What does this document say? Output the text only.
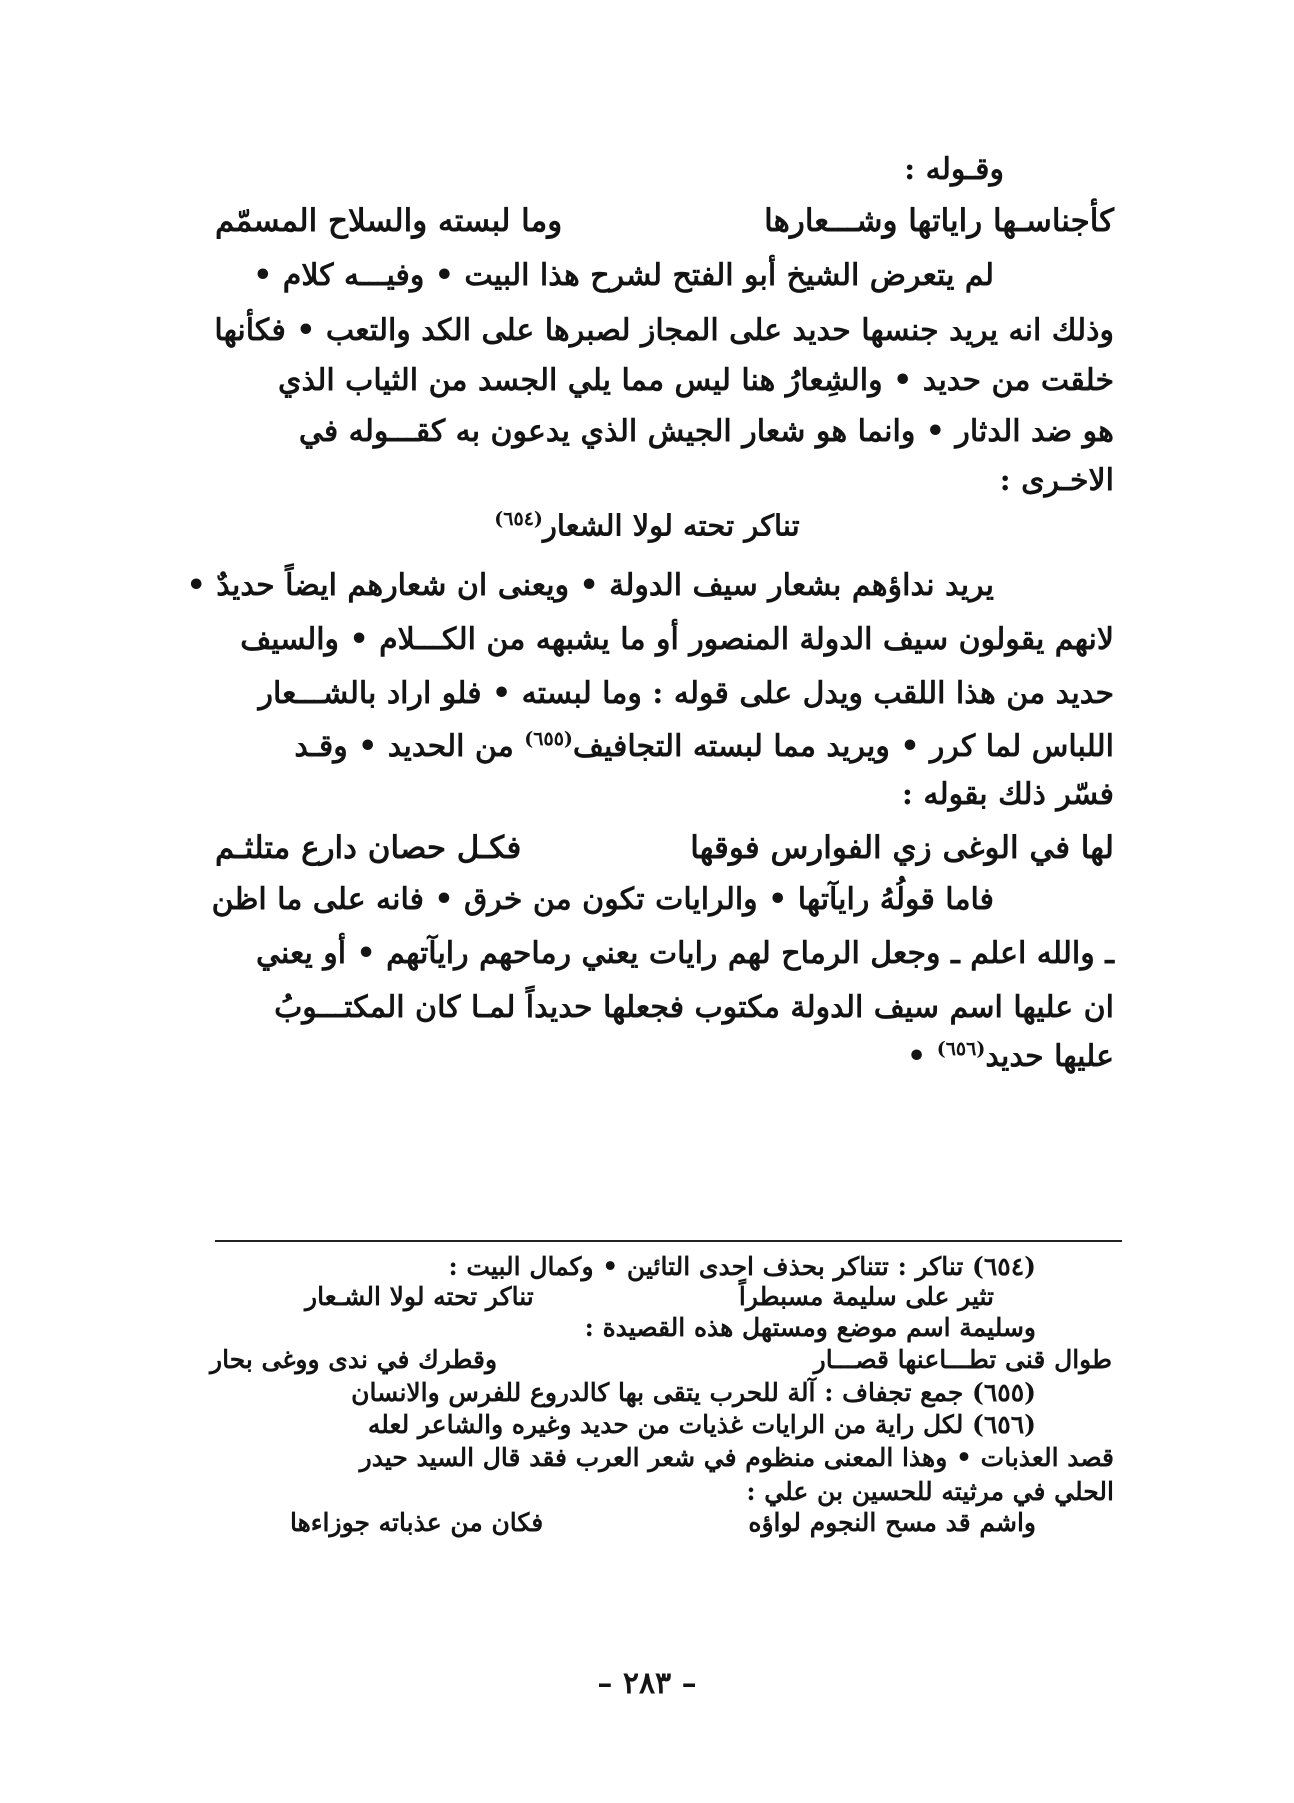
وقـوله :
كأجناسـها راياتها وشـــعارها
وما لبسته والسلاح المسمّم
لم يتعرض الشيخ أبو الفتح لشرح هذا البيت • وفيـــه كلام •
وذلك انه يريد جنسها حديد على المجاز لصبرها على الكد والتعب • فكأنها
خلقت من حديد • والشِعارُ هنا ليس مما يلي الجسد من الثياب الذي
هو ضد الدثار • وانما هو شعار الجيش الذي يدعون به كقـــوله في
الاخـرى :
تناكر تحته لولا الشعار$^{(٦٥٤)}$
يريد نداؤهم بشعار سيف الدولة • ويعنى ان شعارهم ايضاً حديدٌ •
لانهم يقولون سيف الدولة المنصور أو ما يشبهه من الكـــلام • والسيف
حديد من هذا اللقب ويدل على قوله : وما لبسته • فلو اراد بالشـــعار
اللباس لما كرر • ويريد مما لبسته التجافيف$^{(٦٥٥)}$ من الحديد • وقـد
فسّر ذلك بقوله :
لها في الوغى زي الفوارس فوقها
فكـل حصان دارع متلثـم
فاما قولُهُ رايآتها • والرايات تكون من خرق • فانه على ما اظن
ـ والله اعلم ـ وجعل الرماح لهم رايات يعني رماحهم رايآتهم • أو يعني
ان عليها اسم سيف الدولة مكتوب فجعلها حديداً لمـا كان المكتـــوبُ
عليها حديد$^{(٦٥٦)}$ •
(٦٥٤) تناكر : تتناكر بحذف احدى التائين • وكمال البيت :
تثير على سليمة مسبطراً
تناكر تحته لولا الشـعار
وسليمة اسم موضع ومستهل هذه القصيدة :
طوال قنى تطـــاعنها قصـــار
وقطرك في ندى ووغى بحار
(٦٥٥) جمع تجفاف : آلة للحرب يتقى بها كالدروع للفرس والانسان
(٦٥٦) لكل راية من الرايات غذيات من حديد وغيره والشاعر لعله
قصد العذبات • وهذا المعنى منظوم في شعر العرب فقد قال السيد حيدر
الحلي في مرثيته للحسين بن علي :
واشم قد مسح النجوم لواؤه
فكان من عذباته جوزاءها
– ٢٨٣ –
